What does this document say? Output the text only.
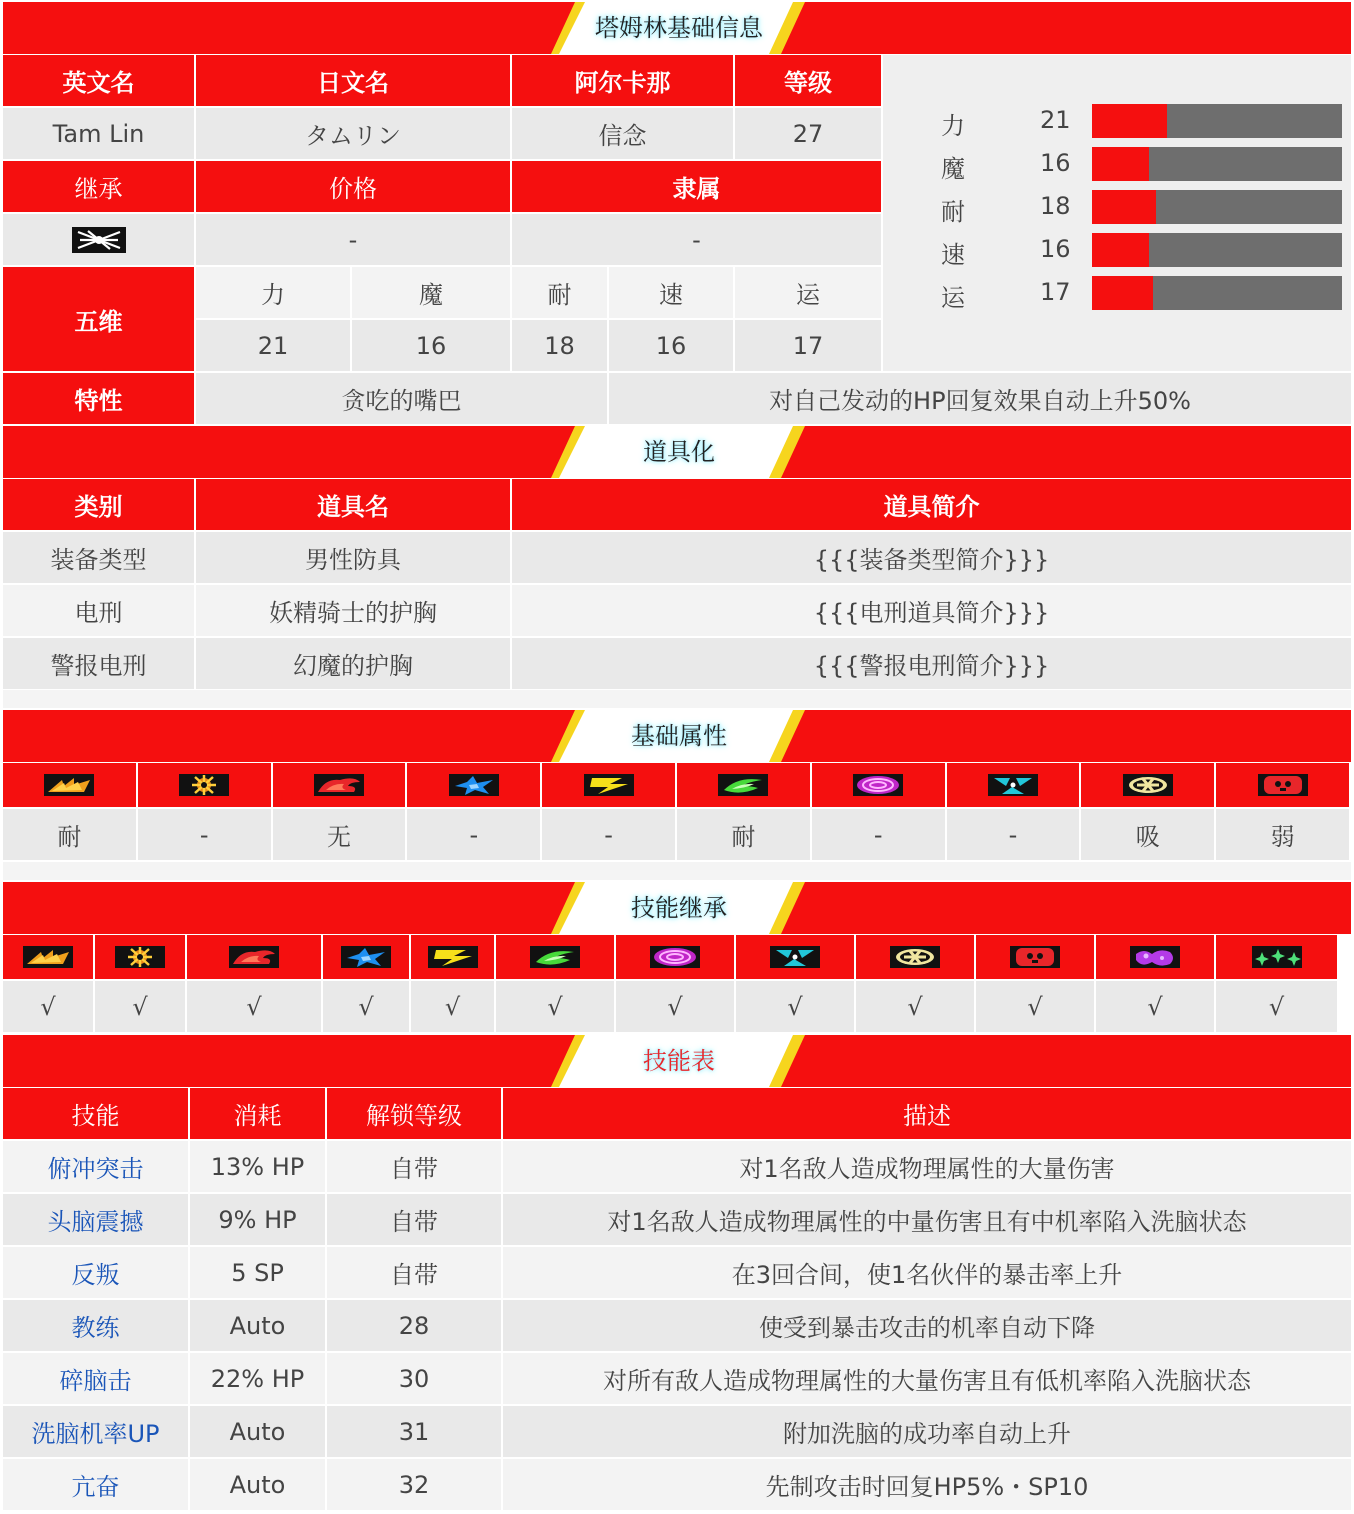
塔姆林基础信息
英文名	日文名	阿尔卡那	等级
Tam Lin	タムリン	信念	27
继承	价格	隶属
-	-
五维
力	魔	耐	速	运
21	16	18	16	17
特性	贪吃的嘴巴	对自己发动的HP回复效果自动上升50%
力	21
魔	16
耐	18
速	16
运	17
道具化
类别	道具名	道具简介
装备类型	男性防具	{{{装备类型简介}}}
电刑	妖精骑士的护胸	{{{电刑道具简介}}}
警报电刑	幻魔的护胸	{{{警报电刑简介}}}
基础属性
耐	-	无	-	-	耐	-	-	吸	弱
技能继承
√	√	√	√	√	√	√	√	√	√	√	√
技能表
技能	消耗	解锁等级	描述
俯冲突击	13% HP	自带	对1名敌人造成物理属性的大量伤害
头脑震撼	9% HP	自带	对1名敌人造成物理属性的中量伤害且有中机率陷入洗脑状态
反叛	5 SP	自带	在3回合间，使1名伙伴的暴击率上升
教练	Auto	28	使受到暴击攻击的机率自动下降
碎脑击	22% HP	30	对所有敌人造成物理属性的大量伤害且有低机率陷入洗脑状态
洗脑机率UP	Auto	31	附加洗脑的成功率自动上升
亢奋	Auto	32	先制攻击时回复HP5%・SP10
